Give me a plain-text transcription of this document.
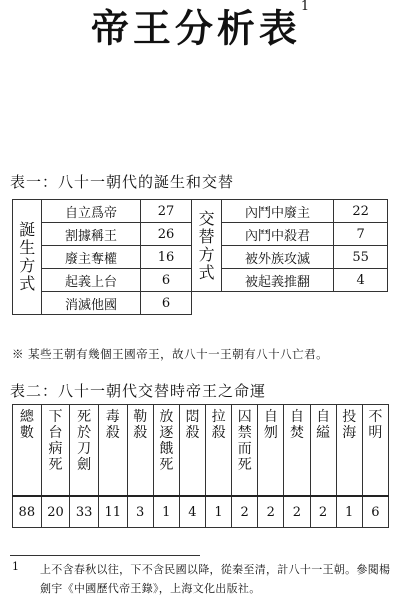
帝王分析表$^1$
表一：八十一朝代的誕生和交替
誕生方式	自立爲帝	27	交替方式	內鬥中廢主	22
	割據稱王	26		內鬥中殺君	7
	廢主奪權	16		被外族攻滅	55
	起義上台	6		被起義推翻	4
	消滅他國	6			
※ 某些王朝有幾個王國帝王，故八十一王朝有八十八亡君。
表二：八十一朝代交替時帝王之命運
總數	下台病死	死於刀劍	毒殺	勒殺	放逐餓死	悶殺	拉殺	囚禁而死	自刎	自焚	自縊	投海	不明
88	20	33	11	3	1	4	1	2	2	2	2	1	6
1 上不含春秋以往，下不含民國以降，從秦至清，計八十一王朝。參閱楊劍宇《中國歷代帝王錄》，上海文化出版社。
